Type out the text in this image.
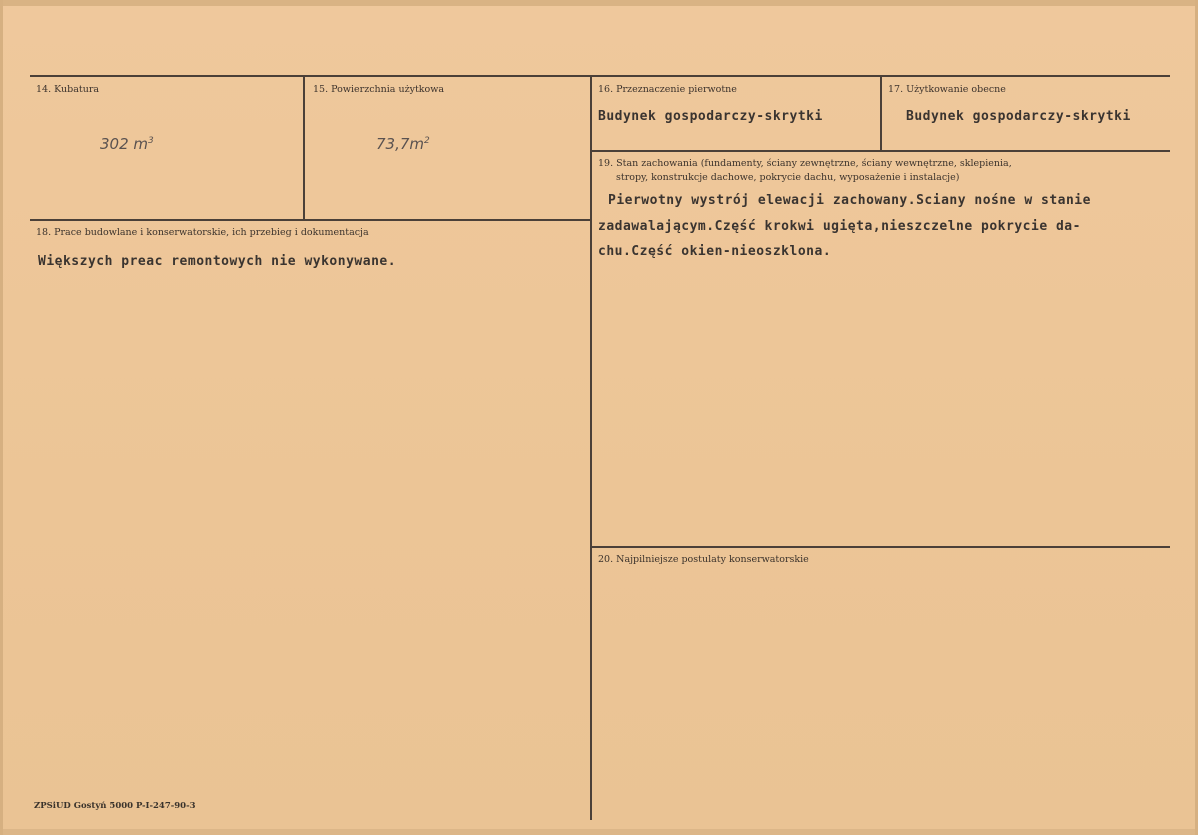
14. Kubatura
302 $m^3$
15. Powierzchnia użytkowa
$73,7m^2$
16. Przeznaczenie pierwotne
Budynek gospodarczy-skrytki
17. Użytkowanie obecne
Budynek gospodarczy-skrytki
18. Prace budowlane i konserwatorskie, ich przebieg i dokumentacja
Większych preac remontowych nie wykonywane.
19. Stan zachowania (fundamenty, ściany zewnętrzne, ściany wewnętrzne, sklepienia,
stropy, konstrukcje dachowe, pokrycie dachu, wyposażenie i instalacje)
Pierwotny wystrój elewacji zachowany.Sciany nośne w stanie
zadawalającym.Część krokwi ugięta,nieszczelne pokrycie da-
chu.Część okien-nieoszklona.
20. Najpilniejsze postulaty konserwatorskie
ZPSiUD Gostyń 5000 P-I-247-90-3
